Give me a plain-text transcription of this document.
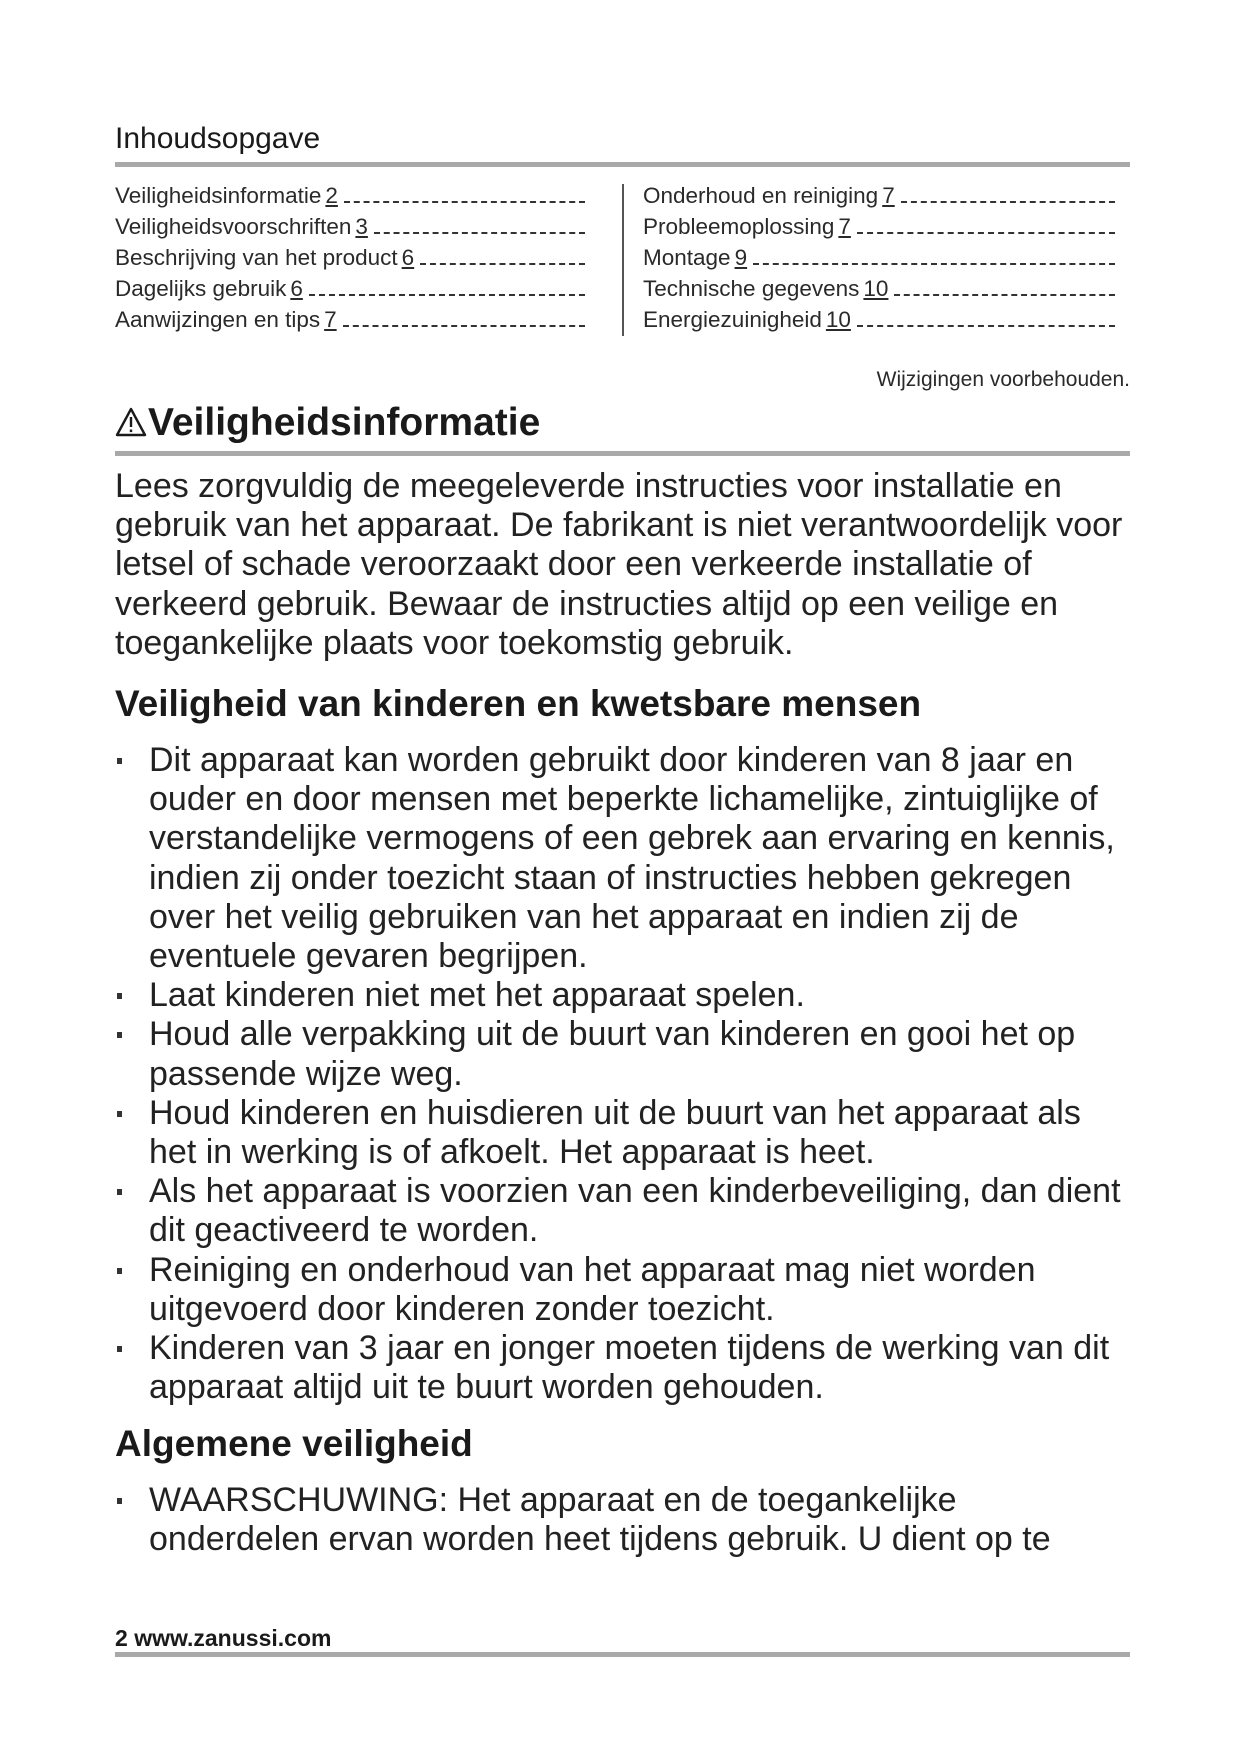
Inhoudsopgave
Veiligheidsinformatie 2
Veiligheidsvoorschriften 3
Beschrijving van het product 6
Dagelijks gebruik 6
Aanwijzingen en tips 7
Onderhoud en reiniging 7
Probleemoplossing 7
Montage 9
Technische gegevens 10
Energiezuinigheid 10
Wijzigingen voorbehouden.
Veiligheidsinformatie

Lees zorgvuldig de meegeleverde instructies voor installatie en gebruik van het apparaat. De fabrikant is niet verantwoordelijk voor letsel of schade veroorzaakt door een verkeerde installatie of verkeerd gebruik. Bewaar de instructies altijd op een veilige en toegankelijke plaats voor toekomstig gebruik.

Veiligheid van kinderen en kwetsbare mensen
Dit apparaat kan worden gebruikt door kinderen van 8 jaar en ouder en door mensen met beperkte lichamelijke, zintuiglijke of verstandelijke vermogens of een gebrek aan ervaring en kennis, indien zij onder toezicht staan of instructies hebben gekregen over het veilig gebruiken van het apparaat en indien zij de eventuele gevaren begrijpen.
Laat kinderen niet met het apparaat spelen.
Houd alle verpakking uit de buurt van kinderen en gooi het op passende wijze weg.
Houd kinderen en huisdieren uit de buurt van het apparaat als het in werking is of afkoelt. Het apparaat is heet.
Als het apparaat is voorzien van een kinderbeveiliging, dan dient dit geactiveerd te worden.
Reiniging en onderhoud van het apparaat mag niet worden uitgevoerd door kinderen zonder toezicht.
Kinderen van 3 jaar en jonger moeten tijdens de werking van dit apparaat altijd uit te buurt worden gehouden.
Algemene veiligheid
WAARSCHUWING: Het apparaat en de toegankelijke onderdelen ervan worden heet tijdens gebruik. U dient op te
2 www.zanussi.com
